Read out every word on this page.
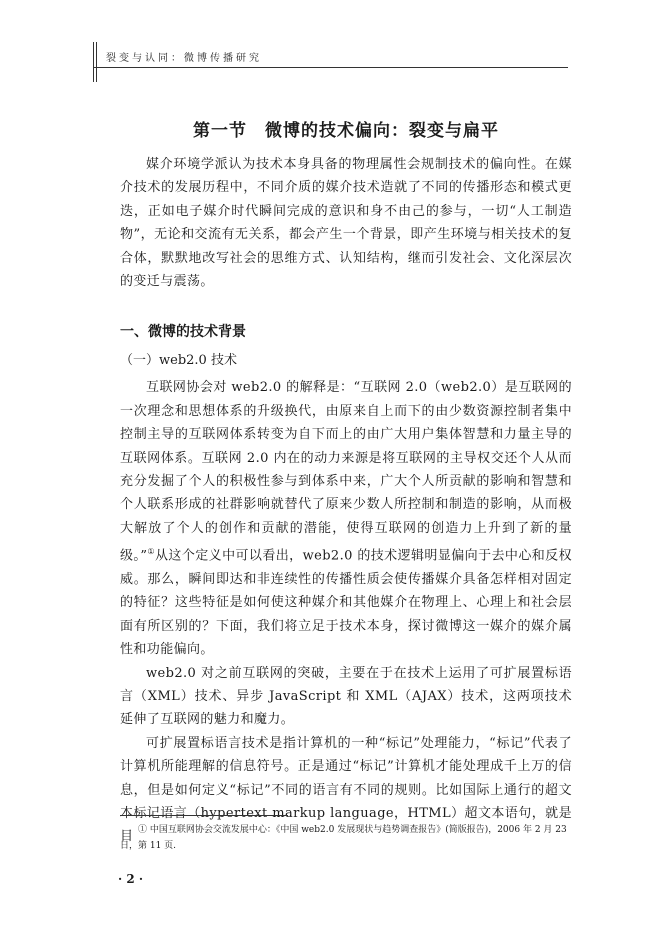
裂变与认同：微博传播研究
第一节　微博的技术偏向：裂变与扁平

媒介环境学派认为技术本身具备的物理属性会规制技术的偏向性。在媒介技术的发展历程中，不同介质的媒介技术造就了不同的传播形态和模式更迭，正如电子媒介时代瞬间完成的意识和身不由己的参与，一切“人工制造物”，无论和交流有无关系，都会产生一个背景，即产生环境与相关技术的复合体，默默地改写社会的思维方式、认知结构，继而引发社会、文化深层次的变迁与震荡。

一、微博的技术背景
（一）web2.0 技术

互联网协会对 web2.0 的解释是：“互联网 2.0（web2.0）是互联网的一次理念和思想体系的升级换代，由原来自上而下的由少数资源控制者集中控制主导的互联网体系转变为自下而上的由广大用户集体智慧和力量主导的互联网体系。互联网 2.0 内在的动力来源是将互联网的主导权交还个人从而充分发掘了个人的积极性参与到体系中来，广大个人所贡献的影响和智慧和个人联系形成的社群影响就替代了原来少数人所控制和制造的影响，从而极大解放了个人的创作和贡献的潜能，使得互联网的创造力上升到了新的量级。”①从这个定义中可以看出，web2.0 的技术逻辑明显偏向于去中心和反权威。那么，瞬间即达和非连续性的传播性质会使传播媒介具备怎样相对固定的特征？这些特征是如何使这种媒介和其他媒介在物理上、心理上和社会层面有所区别的？下面，我们将立足于技术本身，探讨微博这一媒介的媒介属性和功能偏向。

web2.0 对之前互联网的突破，主要在于在技术上运用了可扩展置标语言（XML）技术、异步 JavaScript 和 XML（AJAX）技术，这两项技术延伸了互联网的魅力和魔力。

可扩展置标语言技术是指计算机的一种“标记”处理能力，“标记”代表了计算机所能理解的信息符号。正是通过“标记”计算机才能处理成千上万的信息，但是如何定义“标记”不同的语言有不同的规则。比如国际上通行的超文本标记语言（hypertext markup language，HTML）超文本语句，就是目 ① 中国互联网协会交流发展中心：《中国 web2.0 发展现状与趋势调查报告》(简版报告)，2006 年 2 月 23 日，第 11 页.
· 2 ·
